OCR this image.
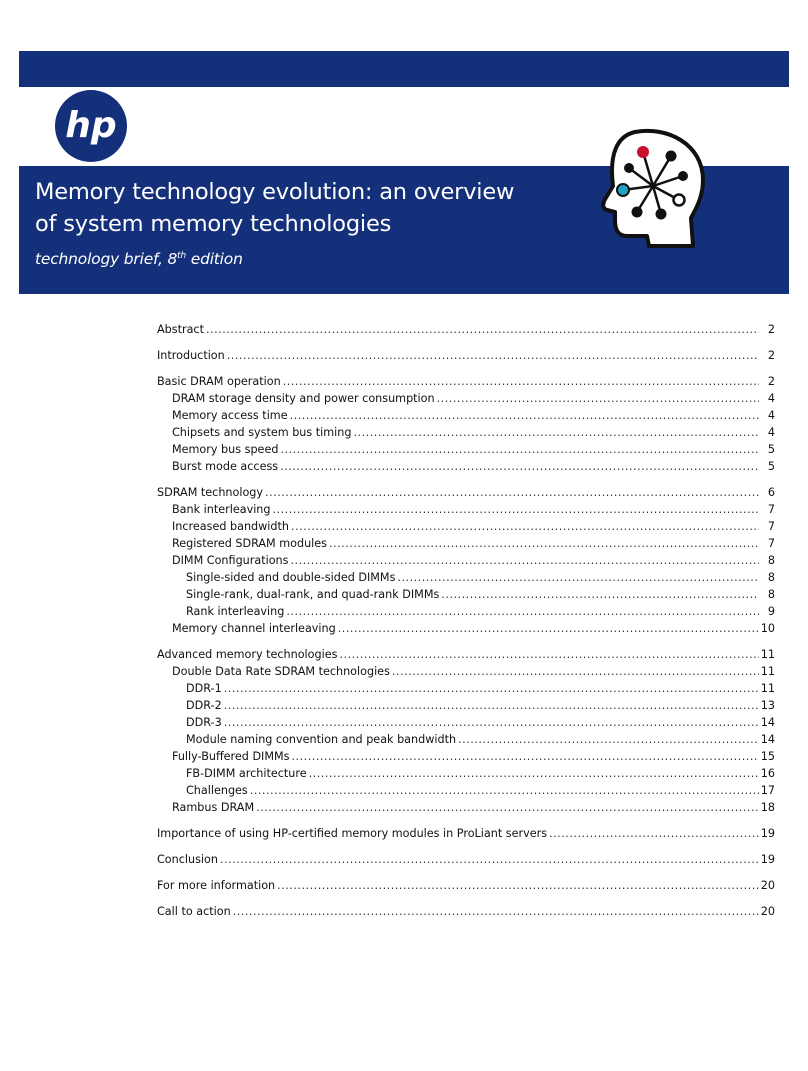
hp
Memory technology evolution: an overview
of system memory technologies

technology brief, 8th edition

Abstract .....	2
Introduction .....	2
Basic DRAM operation .....	2
DRAM storage density and power consumption .....	4
Memory access time .....	4
Chipsets and system bus timing .....	4
Memory bus speed .....	5
Burst mode access .....	5
SDRAM technology .....	6
Bank interleaving .....	7
Increased bandwidth .....	7
Registered SDRAM modules .....	7
DIMM Configurations .....	8
Single-sided and double-sided DIMMs .....	8
Single-rank, dual-rank, and quad-rank DIMMs .....	8
Rank interleaving .....	9
Memory channel interleaving .....	10
Advanced memory technologies .....	11
Double Data Rate SDRAM technologies .....	11
DDR-1 .....	11
DDR-2 .....	13
DDR-3 .....	14
Module naming convention and peak bandwidth .....	14
Fully-Buffered DIMMs .....	15
FB-DIMM architecture .....	16
Challenges .....	17
Rambus DRAM .....	18
Importance of using HP-certified memory modules in ProLiant servers .....	19
Conclusion .....	19
For more information .....	20
Call to action .....	20
